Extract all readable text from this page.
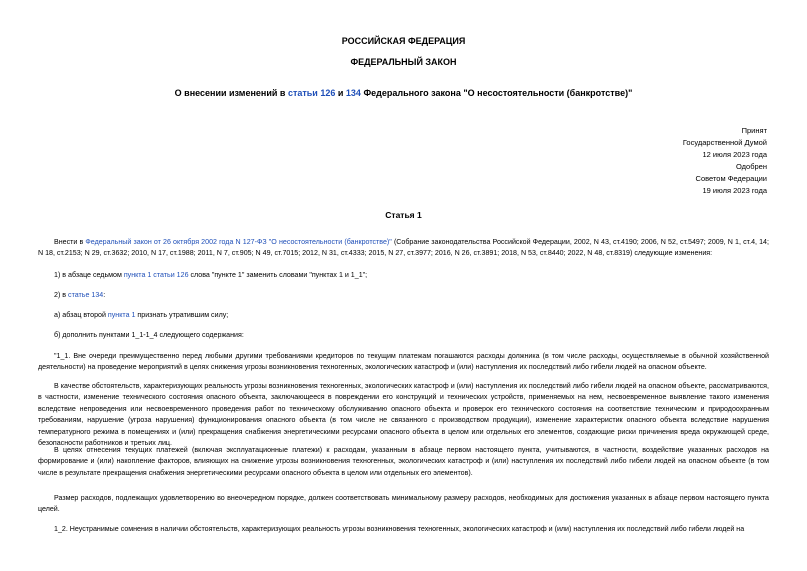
РОССИЙСКАЯ ФЕДЕРАЦИЯ
ФЕДЕРАЛЬНЫЙ ЗАКОН
О внесении изменений в статьи 126 и 134 Федерального закона "О несостоятельности (банкротстве)"
Принят
Государственной Думой
12 июля 2023 года
Одобрен
Советом Федерации
19 июля 2023 года
Статья 1
Внести в Федеральный закон от 26 октября 2002 года N 127-ФЗ "О несостоятельности (банкротстве)" (Собрание законодательства Российской Федерации, 2002, N 43, ст.4190; 2006, N 52, ст.5497; 2009, N 1, ст.4, 14; N 18, ст.2153; N 29, ст.3632; 2010, N 17, ст.1988; 2011, N 7, ст.905; N 49, ст.7015; 2012, N 31, ст.4333; 2015, N 27, ст.3977; 2016, N 26, ст.3891; 2018, N 53, ст.8440; 2022, N 48, ст.8319) следующие изменения:
1) в абзаце седьмом пункта 1 статьи 126 слова "пункте 1" заменить словами "пунктах 1 и 1_1";
2) в статье 134:
а) абзац второй пункта 1 признать утратившим силу;
б) дополнить пунктами 1_1-1_4 следующего содержания:
"1_1. Вне очереди преимущественно перед любыми другими требованиями кредиторов по текущим платежам погашаются расходы должника (в том числе расходы, осуществляемые в обычной хозяйственной деятельности) на проведение мероприятий в целях снижения угрозы возникновения техногенных, экологических катастроф и (или) наступления их последствий либо гибели людей на опасном объекте.
В качестве обстоятельств, характеризующих реальность угрозы возникновения техногенных, экологических катастроф и (или) наступления их последствий либо гибели людей на опасном объекте, рассматриваются, в частности, изменение технического состояния опасного объекта, заключающееся в повреждении его конструкций и технических устройств, применяемых на нем, несвоевременное выявление такого изменения вследствие непроведения или несвоевременного проведения работ по техническому обслуживанию опасного объекта и проверок его технического состояния на соответствие техническим и природоохранным требованиям, нарушение (угроза нарушения) функционирования опасного объекта (в том числе не связанного с производством продукции), изменение характеристик опасного объекта вследствие нарушения температурного режима в помещениях и (или) прекращения снабжения энергетическими ресурсами опасного объекта в целом или отдельных его элементов, создающие риски причинения вреда окружающей среде, безопасности работников и третьих лиц.
В целях отнесения текущих платежей (включая эксплуатационные платежи) к расходам, указанным в абзаце первом настоящего пункта, учитываются, в частности, воздействие указанных расходов на формирование и (или) накопление факторов, влияющих на снижение угрозы возникновения техногенных, экологических катастроф и (или) наступления их последствий либо гибели людей на опасном объекте (в том числе в результате прекращения снабжения энергетическими ресурсами опасного объекта в целом или отдельных его элементов).
Размер расходов, подлежащих удовлетворению во внеочередном порядке, должен соответствовать минимальному размеру расходов, необходимых для достижения указанных в абзаце первом настоящего пункта целей.
1_2. Неустранимые сомнения в наличии обстоятельств, характеризующих реальность угрозы возникновения техногенных, экологических катастроф и (или) наступления их последствий либо гибели людей на
